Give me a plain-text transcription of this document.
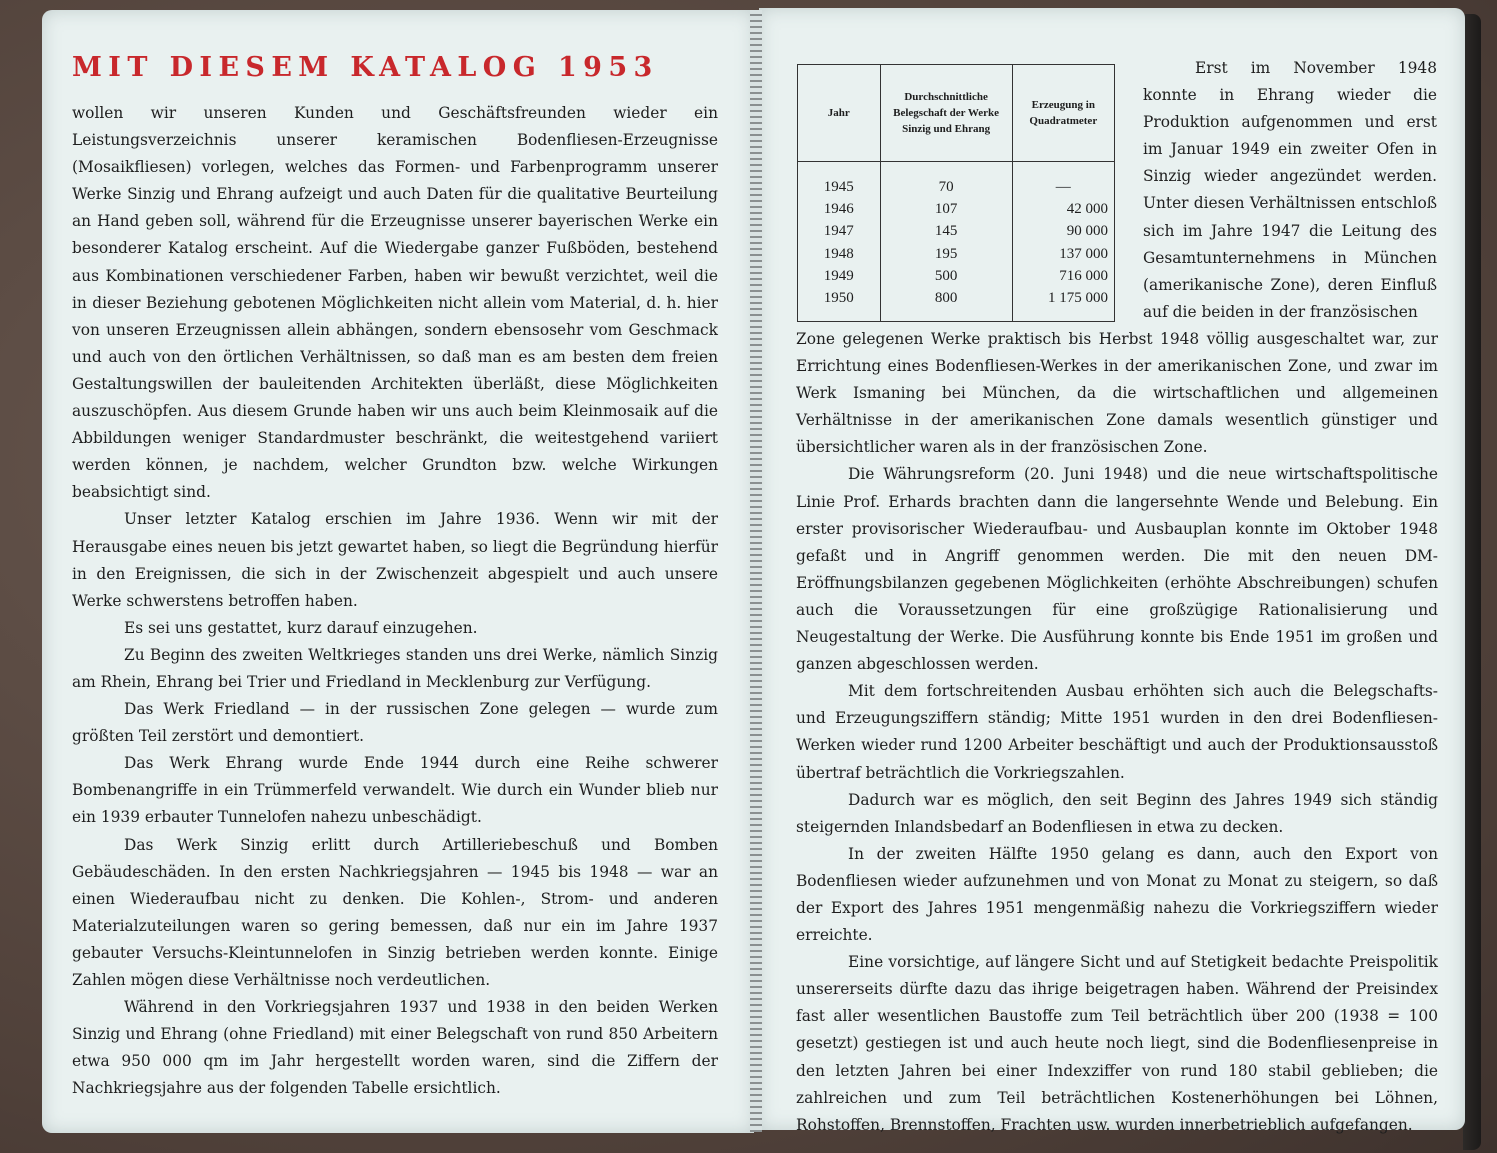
MIT DIESEM KATALOG 1953

wollen wir unseren Kunden und Geschäftsfreunden wieder ein Leistungsverzeichnis unserer keramischen Bodenfliesen-Erzeugnisse (Mosaikfliesen) vorlegen, welches das Formen- und Farbenprogramm unserer Werke Sinzig und Ehrang aufzeigt und auch Daten für die qualitative Beurteilung an Hand geben soll, während für die Erzeugnisse unserer bayerischen Werke ein besonderer Katalog erscheint. Auf die Wiedergabe ganzer Fußböden, bestehend aus Kombinationen verschiedener Farben, haben wir bewußt verzichtet, weil die in dieser Beziehung gebotenen Möglichkeiten nicht allein vom Material, d. h. hier von unseren Erzeugnissen allein abhängen, sondern ebensosehr vom Geschmack und auch von den örtlichen Verhältnissen, so daß man es am besten dem freien Gestaltungswillen der bauleitenden Architekten überläßt, diese Möglichkeiten auszuschöpfen. Aus diesem Grunde haben wir uns auch beim Kleinmosaik auf die Abbildungen weniger Standardmuster beschränkt, die weitestgehend variiert werden können, je nachdem, welcher Grundton bzw. welche Wirkungen beabsichtigt sind.

Unser letzter Katalog erschien im Jahre 1936. Wenn wir mit der Herausgabe eines neuen bis jetzt gewartet haben, so liegt die Begründung hierfür in den Ereignissen, die sich in der Zwischenzeit abgespielt und auch unsere Werke schwerstens betroffen haben.

Es sei uns gestattet, kurz darauf einzugehen.

Zu Beginn des zweiten Weltkrieges standen uns drei Werke, nämlich Sinzig am Rhein, Ehrang bei Trier und Friedland in Mecklenburg zur Verfügung.

Das Werk Friedland — in der russischen Zone gelegen — wurde zum größten Teil zerstört und demontiert.

Das Werk Ehrang wurde Ende 1944 durch eine Reihe schwerer Bombenangriffe in ein Trümmerfeld verwandelt. Wie durch ein Wunder blieb nur ein 1939 erbauter Tunnelofen nahezu unbeschädigt.

Das Werk Sinzig erlitt durch Artilleriebeschuß und Bomben Gebäudeschäden. In den ersten Nachkriegsjahren — 1945 bis 1948 — war an einen Wiederaufbau nicht zu denken. Die Kohlen-, Strom- und anderen Materialzuteilungen waren so gering bemessen, daß nur ein im Jahre 1937 gebauter Versuchs-Kleintunnelofen in Sinzig betrieben werden konnte. Einige Zahlen mögen diese Verhältnisse noch verdeutlichen.

Während in den Vorkriegsjahren 1937 und 1938 in den beiden Werken Sinzig und Ehrang (ohne Friedland) mit einer Belegschaft von rund 850 Arbeitern etwa 950 000 qm im Jahr hergestellt worden waren, sind die Ziffern der Nachkriegsjahre aus der folgenden Tabelle ersichtlich.

Jahr	Durchschnittliche Belegschaft der Werke Sinzig und Ehrang	Erzeugung in Quadratmeter
1945	70	—
1946	107	42 000
1947	145	90 000
1948	195	137 000
1949	500	716 000
1950	800	1 175 000

Erst im November 1948 konnte in Ehrang wieder die Produktion aufgenommen und erst im Januar 1949 ein zweiter Ofen in Sinzig wieder angezündet werden. Unter diesen Verhältnissen entschloß sich im Jahre 1947 die Leitung des Gesamtunternehmens in München (amerikanische Zone), deren Einfluß auf die beiden in der französischen

Zone gelegenen Werke praktisch bis Herbst 1948 völlig ausgeschaltet war, zur Errichtung eines Bodenfliesen-Werkes in der amerikanischen Zone, und zwar im Werk Ismaning bei München, da die wirtschaftlichen und allgemeinen Verhältnisse in der amerikanischen Zone damals wesentlich günstiger und übersichtlicher waren als in der französischen Zone.

Die Währungsreform (20. Juni 1948) und die neue wirtschaftspolitische Linie Prof. Erhards brachten dann die langersehnte Wende und Belebung. Ein erster provisorischer Wiederaufbau- und Ausbauplan konnte im Oktober 1948 gefaßt und in Angriff genommen werden. Die mit den neuen DM-Eröffnungsbilanzen gegebenen Möglichkeiten (erhöhte Abschreibungen) schufen auch die Voraussetzungen für eine großzügige Rationalisierung und Neugestaltung der Werke. Die Ausführung konnte bis Ende 1951 im großen und ganzen abgeschlossen werden.

Mit dem fortschreitenden Ausbau erhöhten sich auch die Belegschafts- und Erzeugungsziffern ständig; Mitte 1951 wurden in den drei Bodenfliesen-Werken wieder rund 1200 Arbeiter beschäftigt und auch der Produktionsausstoß übertraf beträchtlich die Vorkriegszahlen.

Dadurch war es möglich, den seit Beginn des Jahres 1949 sich ständig steigernden Inlandsbedarf an Bodenfliesen in etwa zu decken.

In der zweiten Hälfte 1950 gelang es dann, auch den Export von Bodenfliesen wieder aufzunehmen und von Monat zu Monat zu steigern, so daß der Export des Jahres 1951 mengenmäßig nahezu die Vorkriegsziffern wieder erreichte.

Eine vorsichtige, auf längere Sicht und auf Stetigkeit bedachte Preispolitik unsererseits dürfte dazu das ihrige beigetragen haben. Während der Preisindex fast aller wesentlichen Baustoffe zum Teil beträchtlich über 200 (1938 = 100 gesetzt) gestiegen ist und auch heute noch liegt, sind die Bodenfliesenpreise in den letzten Jahren bei einer Indexziffer von rund 180 stabil geblieben; die zahlreichen und zum Teil beträchtlichen Kostenerhöhungen bei Löhnen, Rohstoffen, Brennstoffen, Frachten usw. wurden innerbetrieblich aufgefangen.
